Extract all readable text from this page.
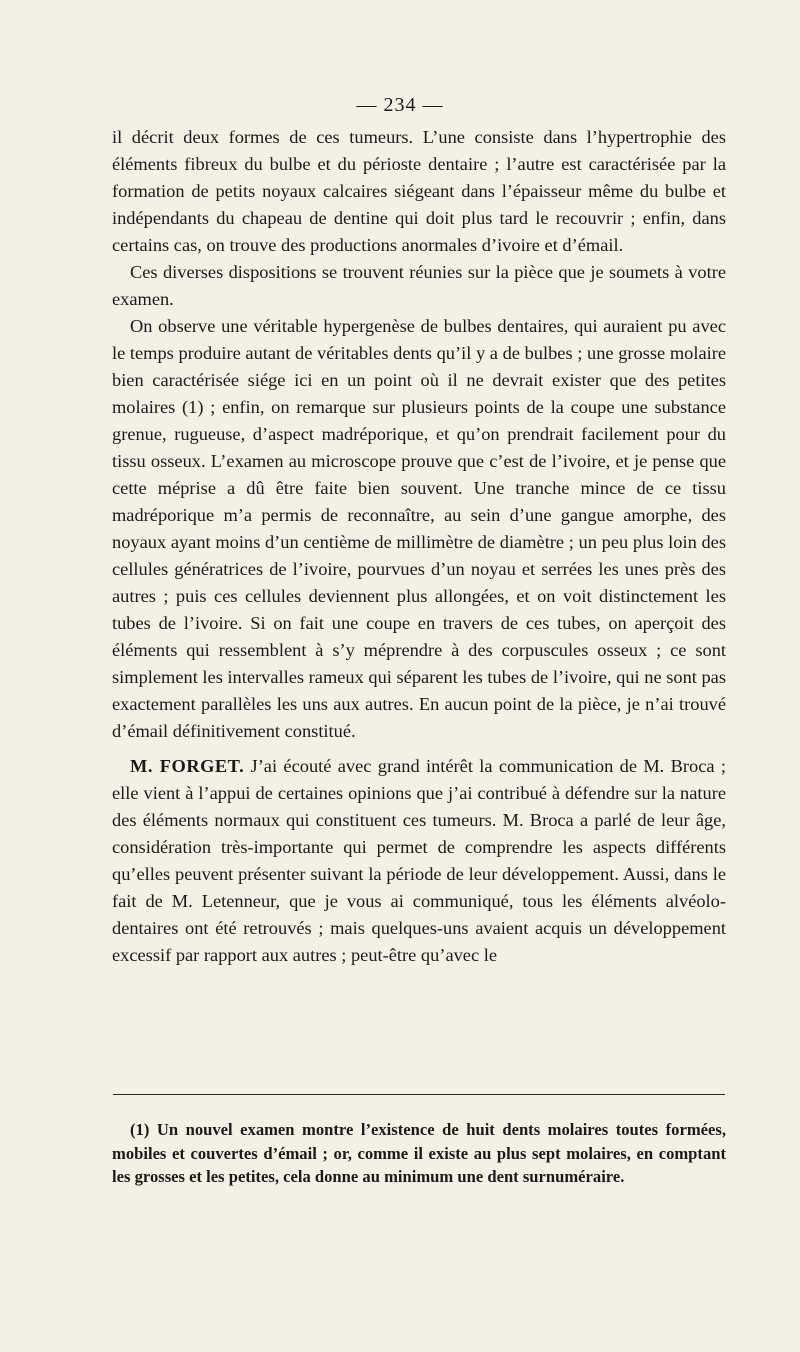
— 234 —

il décrit deux formes de ces tumeurs. L’une consiste dans l’hypertrophie des éléments fibreux du bulbe et du périoste dentaire ; l’autre est caractérisée par la formation de petits noyaux calcaires siégeant dans l’épaisseur même du bulbe et indépendants du chapeau de dentine qui doit plus tard le recouvrir ; enfin, dans certains cas, on trouve des productions anormales d’ivoire et d’émail.

Ces diverses dispositions se trouvent réunies sur la pièce que je soumets à votre examen.

On observe une véritable hypergenèse de bulbes dentaires, qui auraient pu avec le temps produire autant de véritables dents qu’il y a de bulbes ; une grosse molaire bien caractérisée siége ici en un point où il ne devrait exister que des petites molaires (1) ; enfin, on remarque sur plusieurs points de la coupe une substance grenue, rugueuse, d’aspect madréporique, et qu’on prendrait facilement pour du tissu osseux. L’examen au microscope prouve que c’est de l’ivoire, et je pense que cette méprise a dû être faite bien souvent. Une tranche mince de ce tissu madréporique m’a permis de reconnaître, au sein d’une gangue amorphe, des noyaux ayant moins d’un centième de millimètre de diamètre ; un peu plus loin des cellules génératrices de l’ivoire, pourvues d’un noyau et serrées les unes près des autres ; puis ces cellules deviennent plus allongées, et on voit distinctement les tubes de l’ivoire. Si on fait une coupe en travers de ces tubes, on aperçoit des éléments qui ressemblent à s’y méprendre à des corpuscules osseux ; ce sont simplement les intervalles rameux qui séparent les tubes de l’ivoire, qui ne sont pas exactement parallèles les uns aux autres. En aucun point de la pièce, je n’ai trouvé d’émail définitivement constitué.

M. FORGET. J’ai écouté avec grand intérêt la communication de M. Broca ; elle vient à l’appui de certaines opinions que j’ai contribué à défendre sur la nature des éléments normaux qui constituent ces tumeurs. M. Broca a parlé de leur âge, considération très-importante qui permet de comprendre les aspects différents qu’elles peuvent présenter suivant la période de leur développement. Aussi, dans le fait de M. Letenneur, que je vous ai communiqué, tous les éléments alvéolo-dentaires ont été retrouvés ; mais quelques-uns avaient acquis un développement excessif par rapport aux autres ; peut-être qu’avec le

(1) Un nouvel examen montre l’existence de huit dents molaires toutes formées, mobiles et couvertes d’émail ; or, comme il existe au plus sept molaires, en comptant les grosses et les petites, cela donne au minimum une dent surnuméraire.
